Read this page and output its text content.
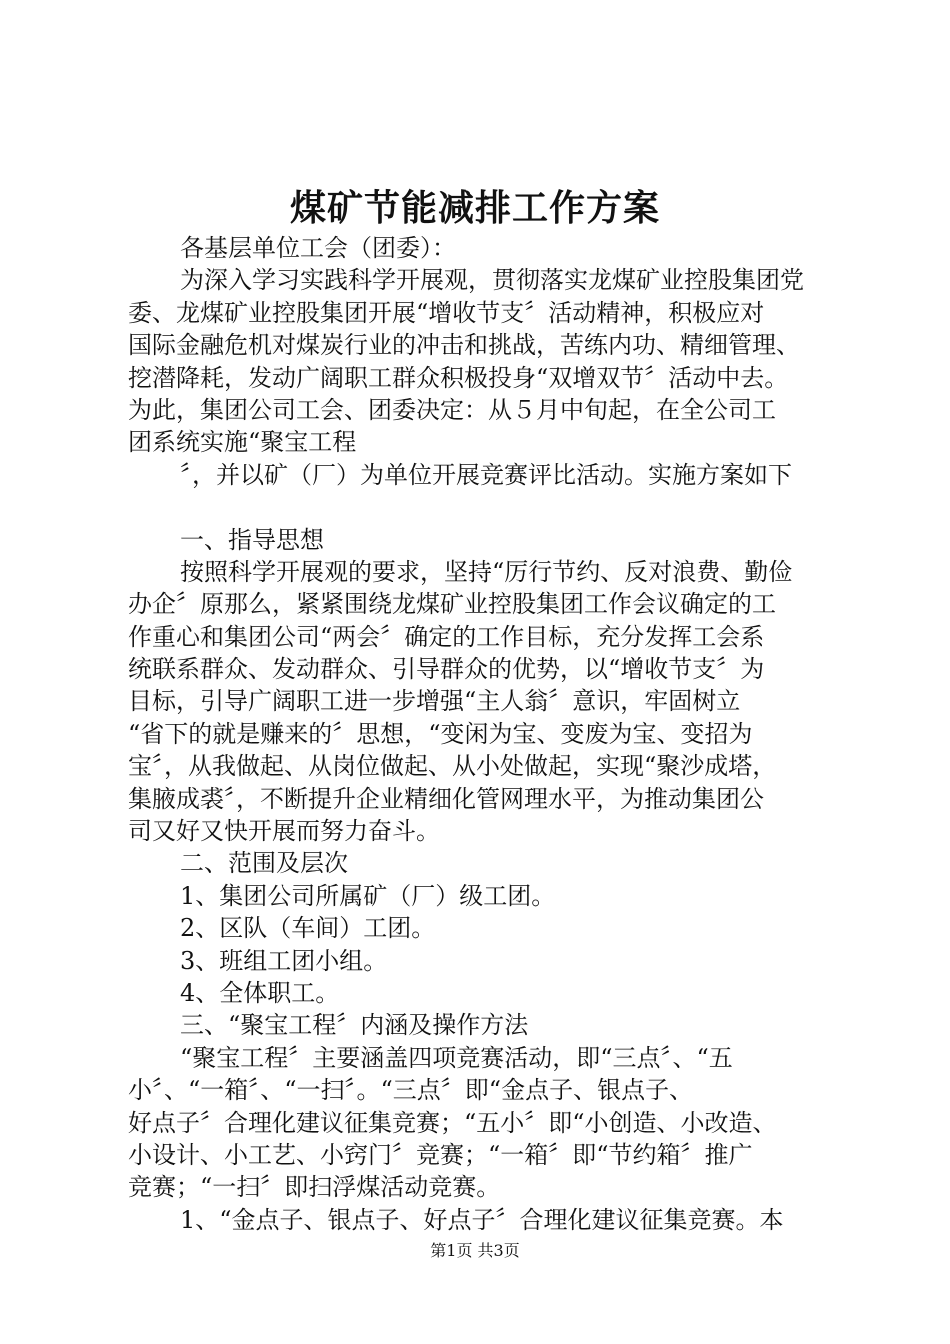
煤矿节能减排工作方案
各基层单位工会（团委）：
为深入学习实践科学开展观，贯彻落实龙煤矿业控股集团党
委、龙煤矿业控股集团开展“增收节支〞活动精神，积极应对
国际金融危机对煤炭行业的冲击和挑战，苦练内功、精细管理、
挖潜降耗，发动广阔职工群众积极投身“双增双节〞活动中去。
为此，集团公司工会、团委决定：从５月中旬起，在全公司工
团系统实施“聚宝工程
〞，并以矿（厂）为单位开展竞赛评比活动。实施方案如下
一、指导思想
按照科学开展观的要求，坚持“厉行节约、反对浪费、勤俭
办企〞原那么，紧紧围绕龙煤矿业控股集团工作会议确定的工
作重心和集团公司“两会〞确定的工作目标，充分发挥工会系
统联系群众、发动群众、引导群众的优势，以“增收节支〞为
目标，引导广阔职工进一步增强“主人翁〞意识，牢固树立
“省下的就是赚来的〞思想，“变闲为宝、变废为宝、变招为
宝〞，从我做起、从岗位做起、从小处做起，实现“聚沙成塔，
集腋成裘〞，不断提升企业精细化管网理水平，为推动集团公
司又好又快开展而努力奋斗。
二、范围及层次
1、集团公司所属矿（厂）级工团。
2、区队（车间）工团。
3、班组工团小组。
4、全体职工。
三、“聚宝工程〞内涵及操作方法
“聚宝工程〞主要涵盖四项竞赛活动，即“三点〞、“五
小〞、“一箱〞、“一扫〞。“三点〞即“金点子、银点子、
好点子〞合理化建议征集竞赛；“五小〞即“小创造、小改造、
小设计、小工艺、小窍门〞竞赛；“一箱〞即“节约箱〞推广
竞赛；“一扫〞即扫浮煤活动竞赛。
1、“金点子、银点子、好点子〞合理化建议征集竞赛。本
第1页 共3页
